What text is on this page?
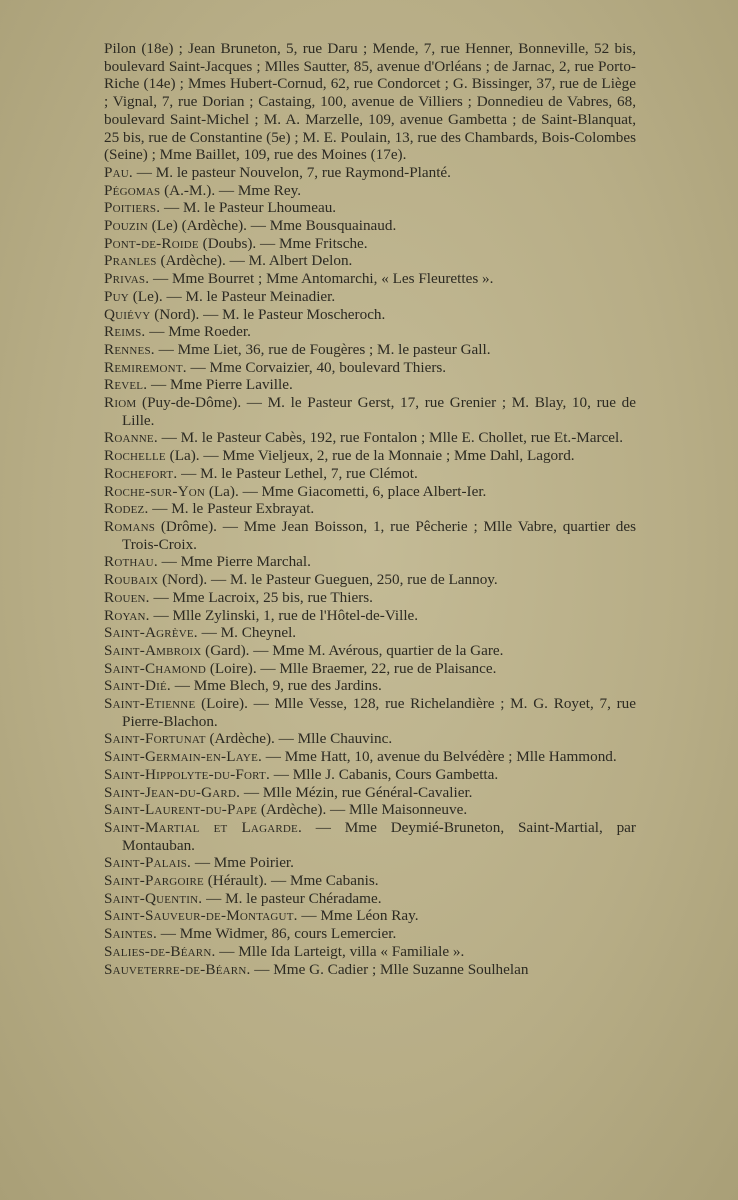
Pilon (18e) ; Jean Bruneton, 5, rue Daru ; Mende, 7, rue Henner, Bonneville, 52 bis, boulevard Saint-Jacques ; Mlles Sautter, 85, avenue d'Orléans ; de Jarnac, 2, rue Porto-Riche (14e) ; Mmes Hubert-Cornud, 62, rue Condorcet ; G. Bissinger, 37, rue de Liège ; Vignal, 7, rue Dorian ; Castaing, 100, avenue de Villiers ; Donnedieu de Vabres, 68, boulevard Saint-Michel ; M. A. Marzelle, 109, avenue Gambetta ; de Saint-Blanquat, 25 bis, rue de Constantine (5e) ; M. E. Poulain, 13, rue des Chambards, Bois-Colombes (Seine) ; Mme Baillet, 109, rue des Moines (17e).

Pau. — M. le pasteur Nouvelon, 7, rue Raymond-Planté.

Pégomas (A.-M.). — Mme Rey.

Poitiers. — M. le Pasteur Lhoumeau.

Pouzin (Le) (Ardèche). — Mme Bousquainaud.

Pont-de-Roide (Doubs). — Mme Fritsche.

Pranles (Ardèche). — M. Albert Delon.

Privas. — Mme Bourret ; Mme Antomarchi, « Les Fleurettes ».

Puy (Le). — M. le Pasteur Meinadier.

Quiévy (Nord). — M. le Pasteur Moscheroch.

Reims. — Mme Roeder.

Rennes. — Mme Liet, 36, rue de Fougères ; M. le pasteur Gall.

Remiremont. — Mme Corvaizier, 40, boulevard Thiers.

Revel. — Mme Pierre Laville.

Riom (Puy-de-Dôme). — M. le Pasteur Gerst, 17, rue Grenier ; M. Blay, 10, rue de Lille.

Roanne. — M. le Pasteur Cabès, 192, rue Fontalon ; Mlle E. Chollet, rue Et.-Marcel.

Rochelle (La). — Mme Vieljeux, 2, rue de la Monnaie ; Mme Dahl, Lagord.

Rochefort. — M. le Pasteur Lethel, 7, rue Clémot.

Roche-sur-Yon (La). — Mme Giacometti, 6, place Albert-Ier.

Rodez. — M. le Pasteur Exbrayat.

Romans (Drôme). — Mme Jean Boisson, 1, rue Pêcherie ; Mlle Vabre, quartier des Trois-Croix.

Rothau. — Mme Pierre Marchal.

Roubaix (Nord). — M. le Pasteur Gueguen, 250, rue de Lannoy.

Rouen. — Mme Lacroix, 25 bis, rue Thiers.

Royan. — Mlle Zylinski, 1, rue de l'Hôtel-de-Ville.

Saint-Agrève. — M. Cheynel.

Saint-Ambroix (Gard). — Mme M. Avérous, quartier de la Gare.

Saint-Chamond (Loire). — Mlle Braemer, 22, rue de Plaisance.

Saint-Dié. — Mme Blech, 9, rue des Jardins.

Saint-Etienne (Loire). — Mlle Vesse, 128, rue Richelandière ; M. G. Royet, 7, rue Pierre-Blachon.

Saint-Fortunat (Ardèche). — Mlle Chauvinc.

Saint-Germain-en-Laye. — Mme Hatt, 10, avenue du Belvédère ; Mlle Hammond.

Saint-Hippolyte-du-Fort. — Mlle J. Cabanis, Cours Gambetta.

Saint-Jean-du-Gard. — Mlle Mézin, rue Général-Cavalier.

Saint-Laurent-du-Pape (Ardèche). — Mlle Maisonneuve.

Saint-Martial et Lagarde. — Mme Deymié-Bruneton, Saint-Martial, par Montauban.

Saint-Palais. — Mme Poirier.

Saint-Pargoire (Hérault). — Mme Cabanis.

Saint-Quentin. — M. le pasteur Chéradame.

Saint-Sauveur-de-Montagut. — Mme Léon Ray.

Saintes. — Mme Widmer, 86, cours Lemercier.

Salies-de-Béarn. — Mlle Ida Larteigt, villa « Familiale ».

Sauveterre-de-Béarn. — Mme G. Cadier ; Mlle Suzanne Soulhelan
